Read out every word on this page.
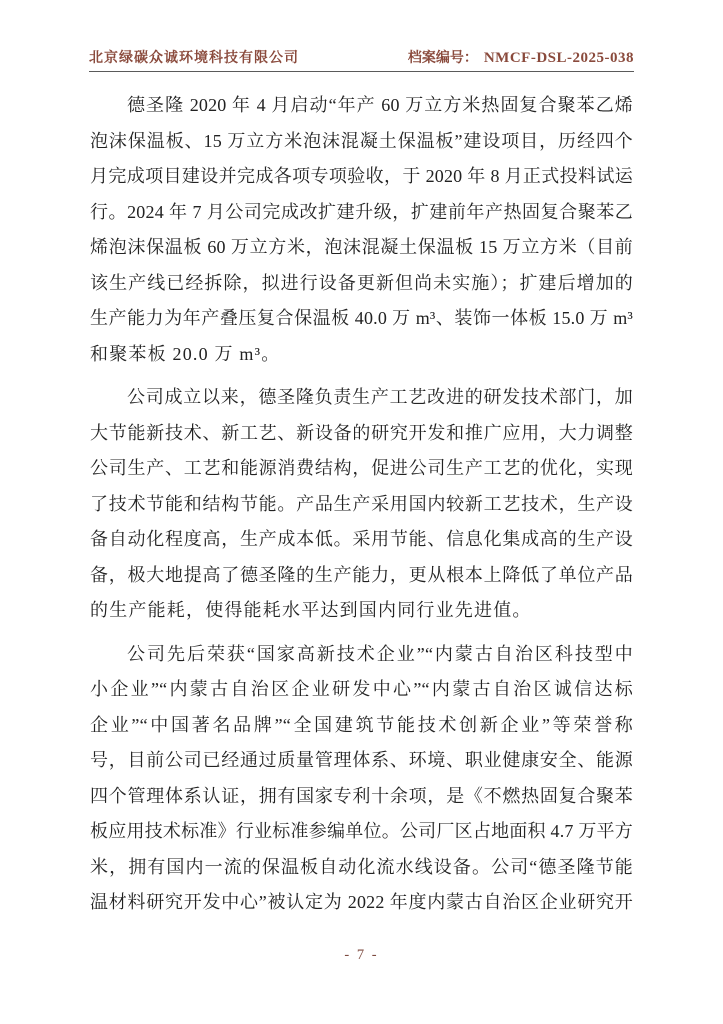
北京绿碳众诚环境科技有限公司	档案编号： NMCF-DSL-2025-038
德圣隆 2020 年 4 月启动“年产 60 万立方米热固复合聚苯乙烯
泡沫保温板、15 万立方米泡沫混凝土保温板”建设项目，历经四个
月完成项目建设并完成各项专项验收，于 2020 年 8 月正式投料试运
行。2024 年 7 月公司完成改扩建升级，扩建前年产热固复合聚苯乙
烯泡沫保温板 60 万立方米，泡沫混凝土保温板 15 万立方米（目前
该生产线已经拆除，拟进行设备更新但尚未实施）；扩建后增加的
生产能力为年产叠压复合保温板 40.0 万 m³、装饰一体板 15.0 万 m³
和聚苯板 20.0 万 m³。
公司成立以来，德圣隆负责生产工艺改进的研发技术部门，加
大节能新技术、新工艺、新设备的研究开发和推广应用，大力调整
公司生产、工艺和能源消费结构，促进公司生产工艺的优化，实现
了技术节能和结构节能。产品生产采用国内较新工艺技术，生产设
备自动化程度高，生产成本低。采用节能、信息化集成高的生产设
备，极大地提高了德圣隆的生产能力，更从根本上降低了单位产品
的生产能耗，使得能耗水平达到国内同行业先进值。
公司先后荣获“国家高新技术企业”“内蒙古自治区科技型中
小企业”“内蒙古自治区企业研发中心”“内蒙古自治区诚信达标
企业”“中国著名品牌”“全国建筑节能技术创新企业”等荣誉称
号，目前公司已经通过质量管理体系、环境、职业健康安全、能源
四个管理体系认证，拥有国家专利十余项，是《不燃热固复合聚苯
板应用技术标准》行业标准参编单位。公司厂区占地面积 4.7 万平方
米，拥有国内一流的保温板自动化流水线设备。公司“德圣隆节能
温材料研究开发中心”被认定为 2022 年度内蒙古自治区企业研究开
- 7 -
